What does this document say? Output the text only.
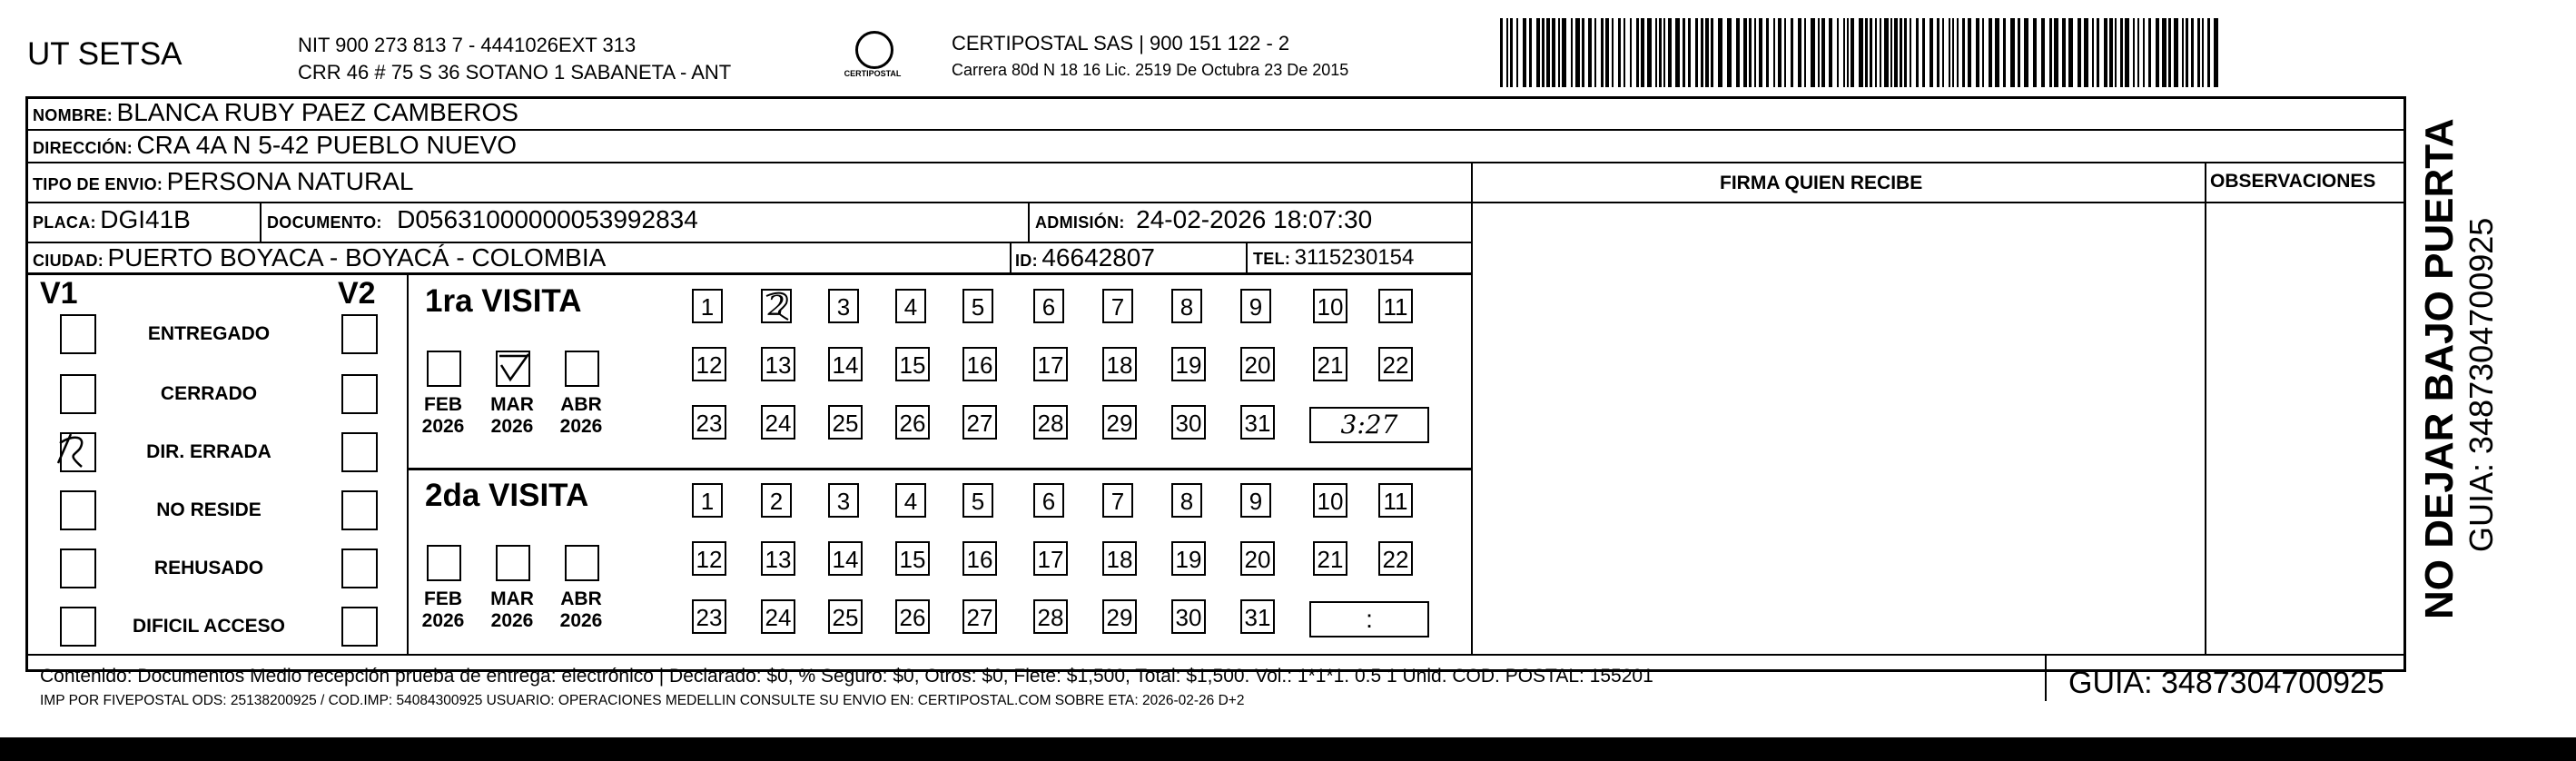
UT SETSA	NIT 900 273 813 7 - 4441026EXT 313
CRR 46 # 75 S 36 SOTANO 1 SABANETA - ANT	CERTIPOSTAL
CERTIPOSTAL SAS | 900 151 122 - 2
Carrera 80d N 18 16 Lic. 2519 De Octubra 23 De 2015
NOMBRE: BLANCA RUBY PAEZ CAMBEROS
DIRECCIÓN: CRA 4A N 5-42 PUEBLO NUEVO
TIPO DE ENVIO: PERSONA NATURAL
PLACA: DGI41B	DOCUMENTO: D05631000000053992834	ADMISIÓN: 24-02-2026 18:07:30
CIUDAD: PUERTO BOYACA - BOYACÁ - COLOMBIA	ID: 46642807	TEL: 3115230154
FIRMA QUIEN RECIBE	OBSERVACIONES
V1	V2
ENTREGADO
CERRADO
DIR. ERRADA
NO RESIDE
REHUSADO
DIFICIL ACCESO
1ra VISITA
FEB
2026
MAR
2026
ABR
2026
1	2	3	4	5	6	7	8	9	10 11
12 13 14 15 16 17 18 19 20 21 22
23 24 25 26 27 28 29 30 31	3:27
2da VISITA
FEB
2026
MAR
2026
ABR
2026
1	2	3	4	5	6	7	8	9	10 11
12 13 14 15 16 17 18 19 20 21 22
23 24 25 26 27 28 29 30 31	:
Contenido: Documentos Medio recepción prueba de entrega: electrónico | Declarado: $0, % Seguro: $0, Otros: $0, Flete: $1,500, Total: $1,500. Vol.: 1*1*1. 0.5 1 Unid. COD. POSTAL: 155201
IMP POR FIVEPOSTAL ODS: 25138200925 / COD.IMP: 54084300925 USUARIO: OPERACIONES MEDELLIN CONSULTE SU ENVIO EN: CERTIPOSTAL.COM SOBRE ETA: 2026-02-26 D+2
GUIA: 3487304700925
NO DEJAR BAJO PUERTA GUIA: 3487304700925
